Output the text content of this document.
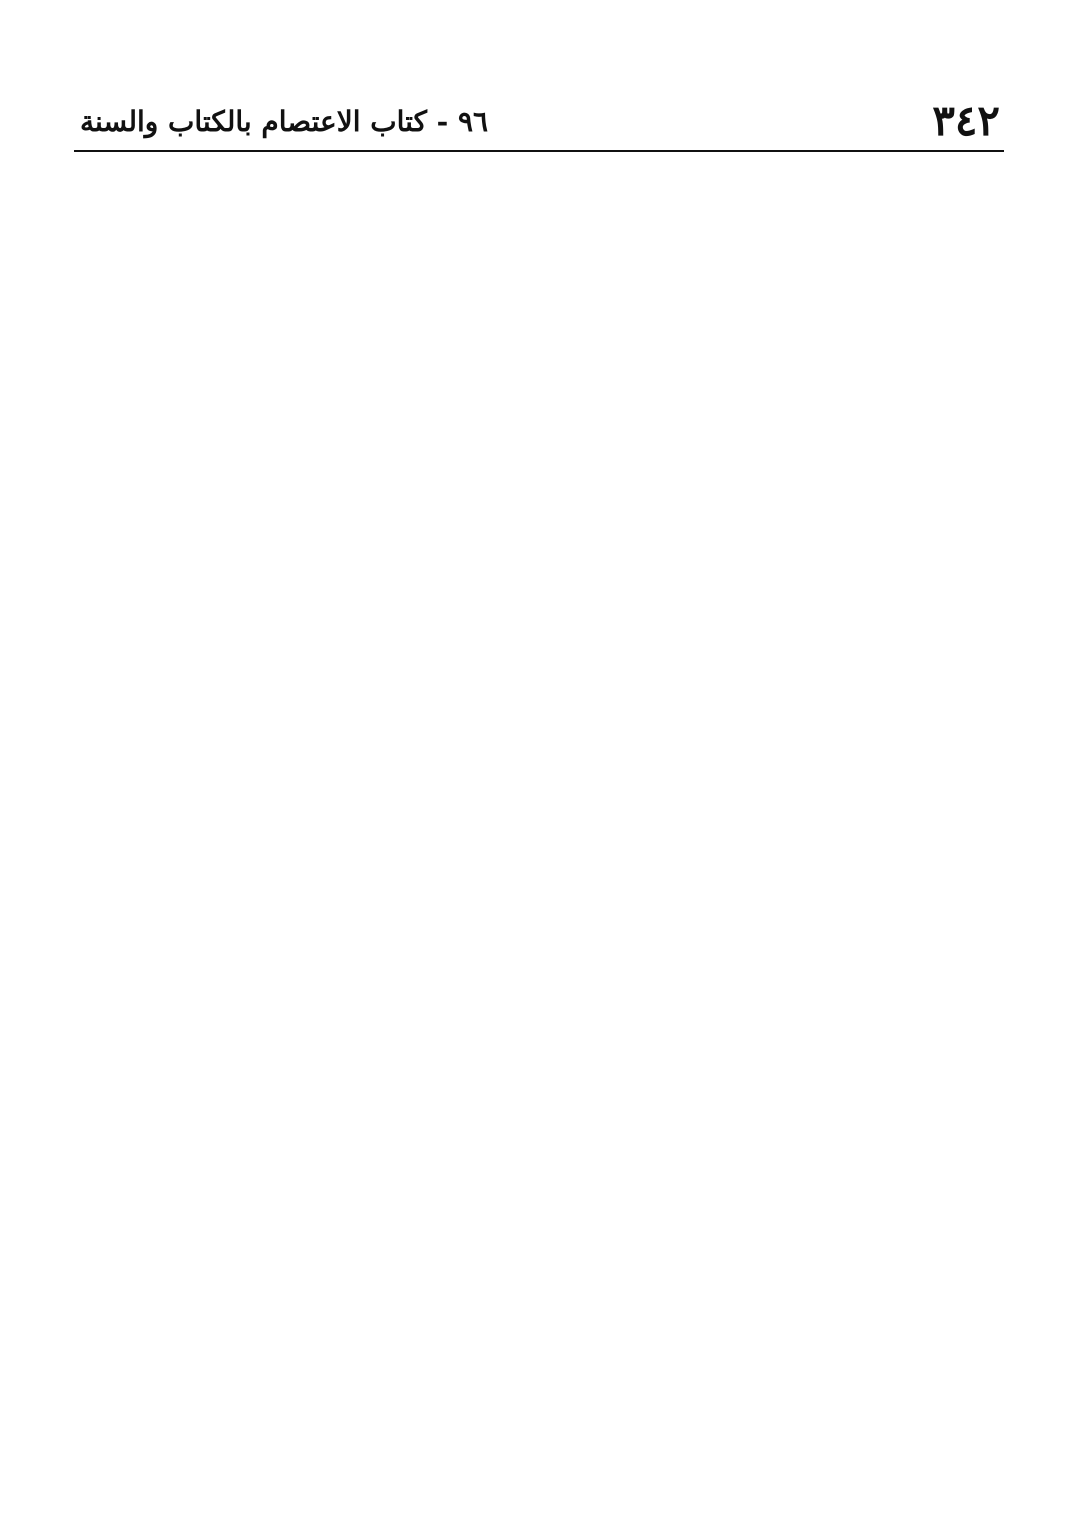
٣٤٢
٩٦ - كتاب الاعتصام بالكتاب والسنة
